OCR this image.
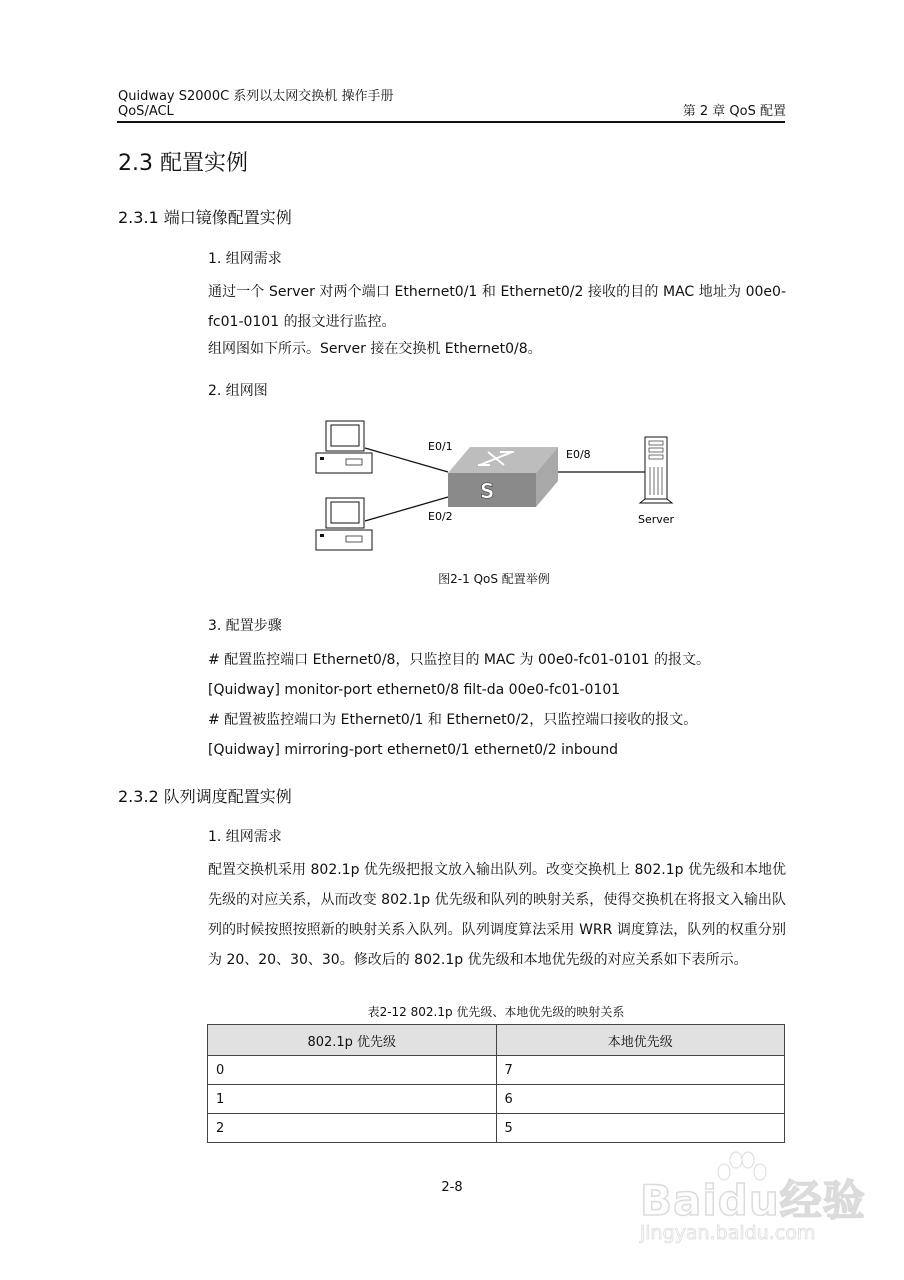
Quidway S2000C 系列以太网交换机 操作手册
QoS/ACL	第 2 章 QoS 配置
2.3 配置实例
2.3.1 端口镜像配置实例
1. 组网需求
通过一个 Server 对两个端口 Ethernet0/1 和 Ethernet0/2 接收的目的 MAC 地址为 00e0-fc01-0101 的报文进行监控。
组网图如下所示。Server 接在交换机 Ethernet0/8。
2. 组网图
S
E0/1
E0/2
E0/8
Server
图2-1 QoS 配置举例
3. 配置步骤
# 配置监控端口 Ethernet0/8，只监控目的 MAC 为 00e0-fc01-0101 的报文。
[Quidway] monitor-port ethernet0/8 filt-da 00e0-fc01-0101
# 配置被监控端口为 Ethernet0/1 和 Ethernet0/2，只监控端口接收的报文。
[Quidway] mirroring-port ethernet0/1 ethernet0/2 inbound
2.3.2 队列调度配置实例
1. 组网需求
配置交换机采用 802.1p 优先级把报文放入输出队列。改变交换机上 802.1p 优先级和本地优先级的对应关系，从而改变 802.1p 优先级和队列的映射关系，使得交换机在将报文入输出队列的时候按照按照新的映射关系入队列。队列调度算法采用 WRR 调度算法，队列的权重分别为 20、20、30、30。修改后的 802.1p 优先级和本地优先级的对应关系如下表所示。
表2-12 802.1p 优先级、本地优先级的映射关系
802.1p 优先级	本地优先级
0	7
1	6
2	5
2-8	Baidu经验
jingyan.baidu.com
